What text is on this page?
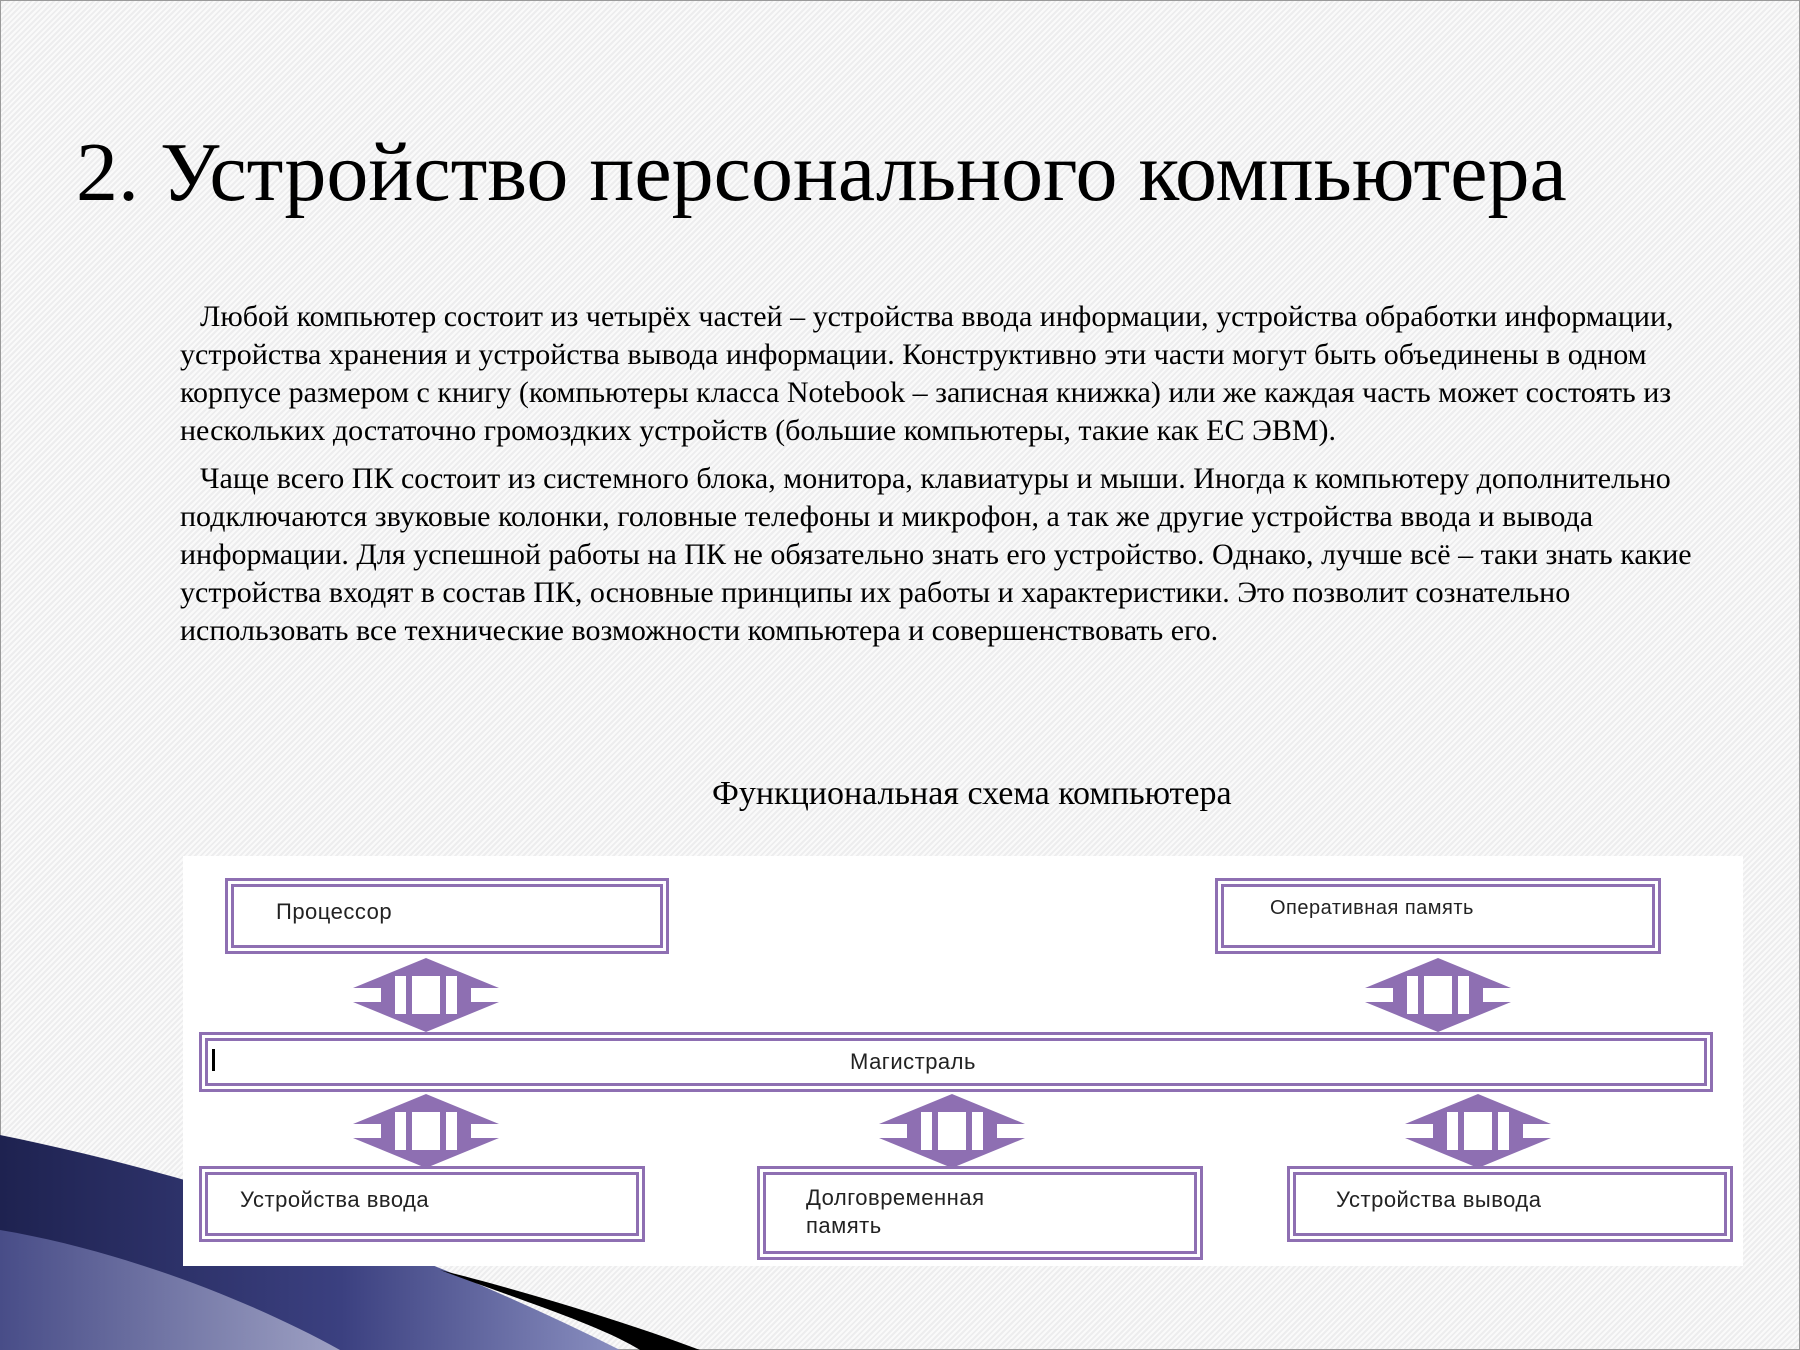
2. Устройство персонального компьютера

Любой компьютер состоит из четырёх частей – устройства ввода информации, устройства обработки информации, устройства хранения и устройства вывода информации. Конструктивно эти части могут быть объединены в одном корпусе размером с книгу (компьютеры класса Notebook – записная книжка) или же каждая часть может состоять из нескольких достаточно громоздких устройств (большие компьютеры, такие как ЕС ЭВМ).

Чаще всего ПК состоит из системного блока, монитора, клавиатуры и мыши. Иногда к компьютеру дополнительно подключаются звуковые колонки, головные телефоны и микрофон, а так же другие устройства ввода и вывода информации. Для успешной работы на ПК не обязательно знать его устройство. Однако, лучше всё – таки знать какие устройства входят в состав ПК, основные принципы их работы и характеристики. Это позволит сознательно использовать все технические возможности компьютера и совершенствовать его.

Функциональная схема компьютера
Процессор	Оперативная память
Магистраль
Устройства ввода	Долговременная
память
Устройства вывода
